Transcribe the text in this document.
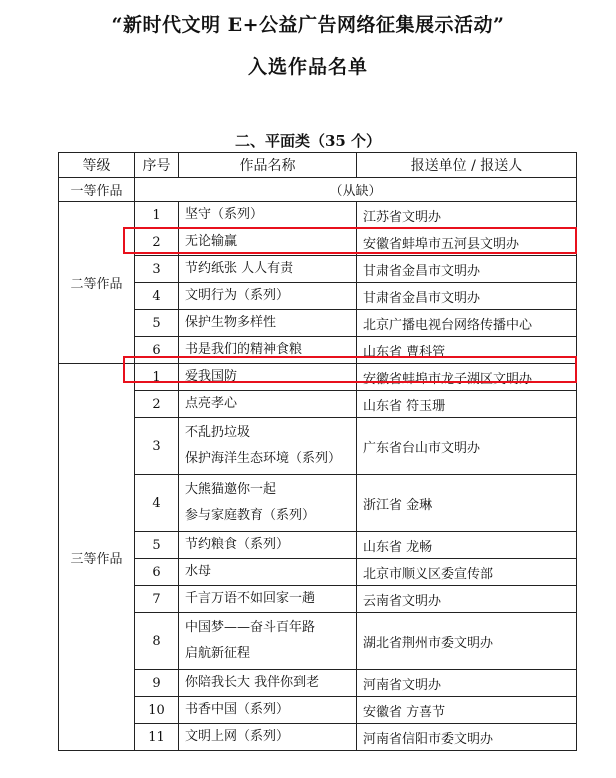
“新时代文明 E+公益广告网络征集展示活动”
入选作品名单
二、平面类（35 个）
等级	序号	作品名称	报送单位 / 报送人
一等作品	（从缺）		
二等作品	1	坚守（系列）	江苏省文明办
	2	无论输赢	安徽省蚌埠市五河县文明办
	3	节约纸张 人人有责	甘肃省金昌市文明办
	4	文明行为（系列）	甘肃省金昌市文明办
	5	保护生物多样性	北京广播电视台网络传播中心
	6	书是我们的精神食粮	山东省 曹科管
三等作品	1	爱我国防	安徽省蚌埠市龙子湖区文明办
	2	点亮孝心	山东省 符玉珊
	3	不乱扔垃圾
保护海洋生态环境（系列）	广东省台山市文明办
	4	大熊猫邀你一起
参与家庭教育（系列）	浙江省 金琳
	5	节约粮食（系列）	山东省 龙畅
	6	水母	北京市顺义区委宣传部
	7	千言万语不如回家一趟	云南省文明办
	8	中国梦——奋斗百年路
启航新征程	湖北省荆州市委文明办
	9	你陪我长大 我伴你到老	河南省文明办
	10	书香中国（系列）	安徽省 方喜节
	11	文明上网（系列）	河南省信阳市委文明办
